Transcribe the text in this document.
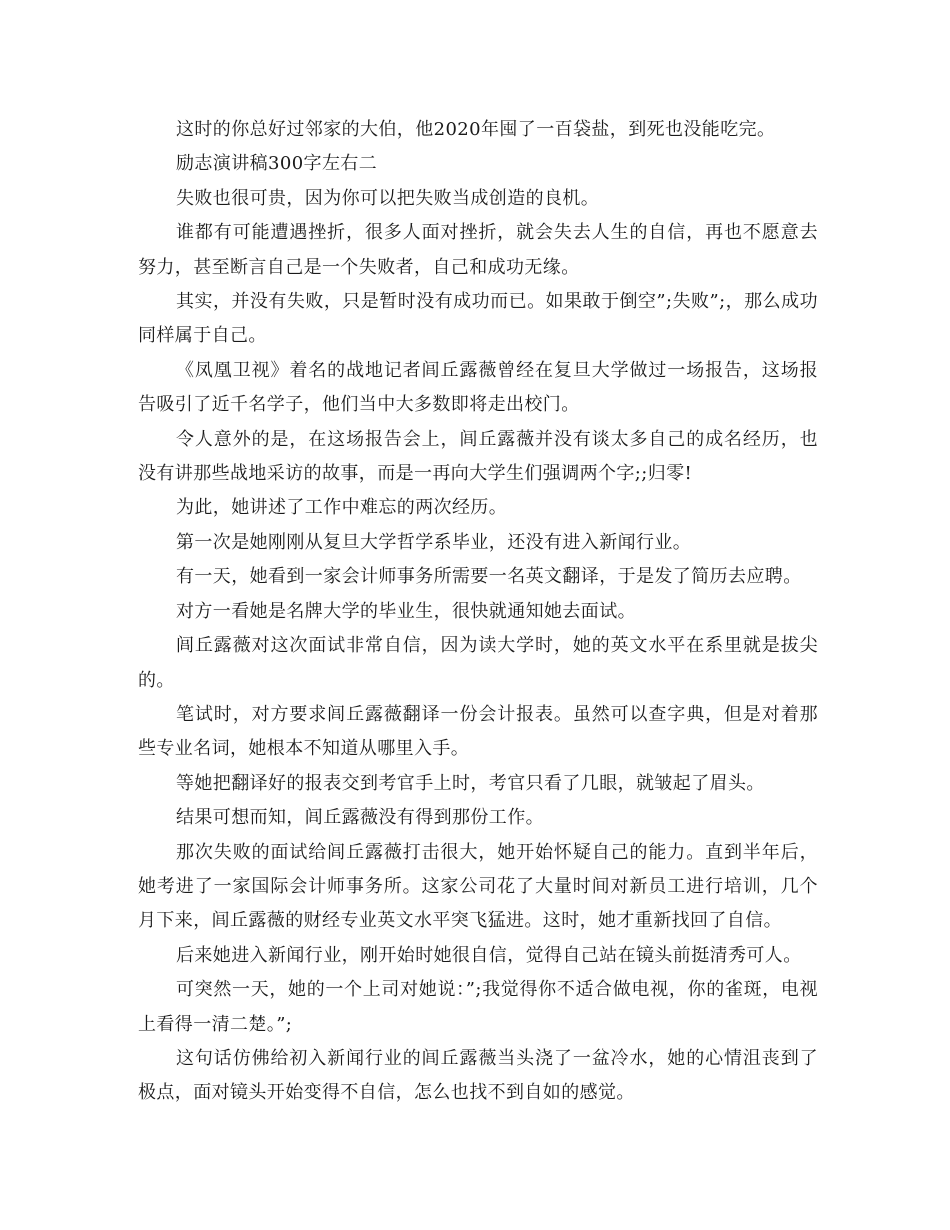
这时的你总好过邻家的大伯，他2020年囤了一百袋盐，到死也没能吃完。

励志演讲稿300字左右二

失败也很可贵，因为你可以把失败当成创造的良机。

谁都有可能遭遇挫折，很多人面对挫折，就会失去人生的自信，再也不愿意去努力，甚至断言自己是一个失败者，自己和成功无缘。

其实，并没有失败，只是暂时没有成功而已。如果敢于倒空”;失败”;，那么成功同样属于自己。

《凤凰卫视》着名的战地记者闾丘露薇曾经在复旦大学做过一场报告，这场报告吸引了近千名学子，他们当中大多数即将走出校门。

令人意外的是，在这场报告会上，闾丘露薇并没有谈太多自己的成名经历，也没有讲那些战地采访的故事，而是一再向大学生们强调两个字;;归零!

为此，她讲述了工作中难忘的两次经历。

第一次是她刚刚从复旦大学哲学系毕业，还没有进入新闻行业。

有一天，她看到一家会计师事务所需要一名英文翻译，于是发了简历去应聘。

对方一看她是名牌大学的毕业生，很快就通知她去面试。

闾丘露薇对这次面试非常自信，因为读大学时，她的英文水平在系里就是拔尖的。

笔试时，对方要求闾丘露薇翻译一份会计报表。虽然可以查字典，但是对着那些专业名词，她根本不知道从哪里入手。

等她把翻译好的报表交到考官手上时，考官只看了几眼，就皱起了眉头。

结果可想而知，闾丘露薇没有得到那份工作。

那次失败的面试给闾丘露薇打击很大，她开始怀疑自己的能力。直到半年后，她考进了一家国际会计师事务所。这家公司花了大量时间对新员工进行培训，几个月下来，闾丘露薇的财经专业英文水平突飞猛进。这时，她才重新找回了自信。

后来她进入新闻行业，刚开始时她很自信，觉得自己站在镜头前挺清秀可人。

可突然一天，她的一个上司对她说：”;我觉得你不适合做电视，你的雀斑，电视上看得一清二楚。”;

这句话仿佛给初入新闻行业的闾丘露薇当头浇了一盆冷水，她的心情沮丧到了极点，面对镜头开始变得不自信，怎么也找不到自如的感觉。
